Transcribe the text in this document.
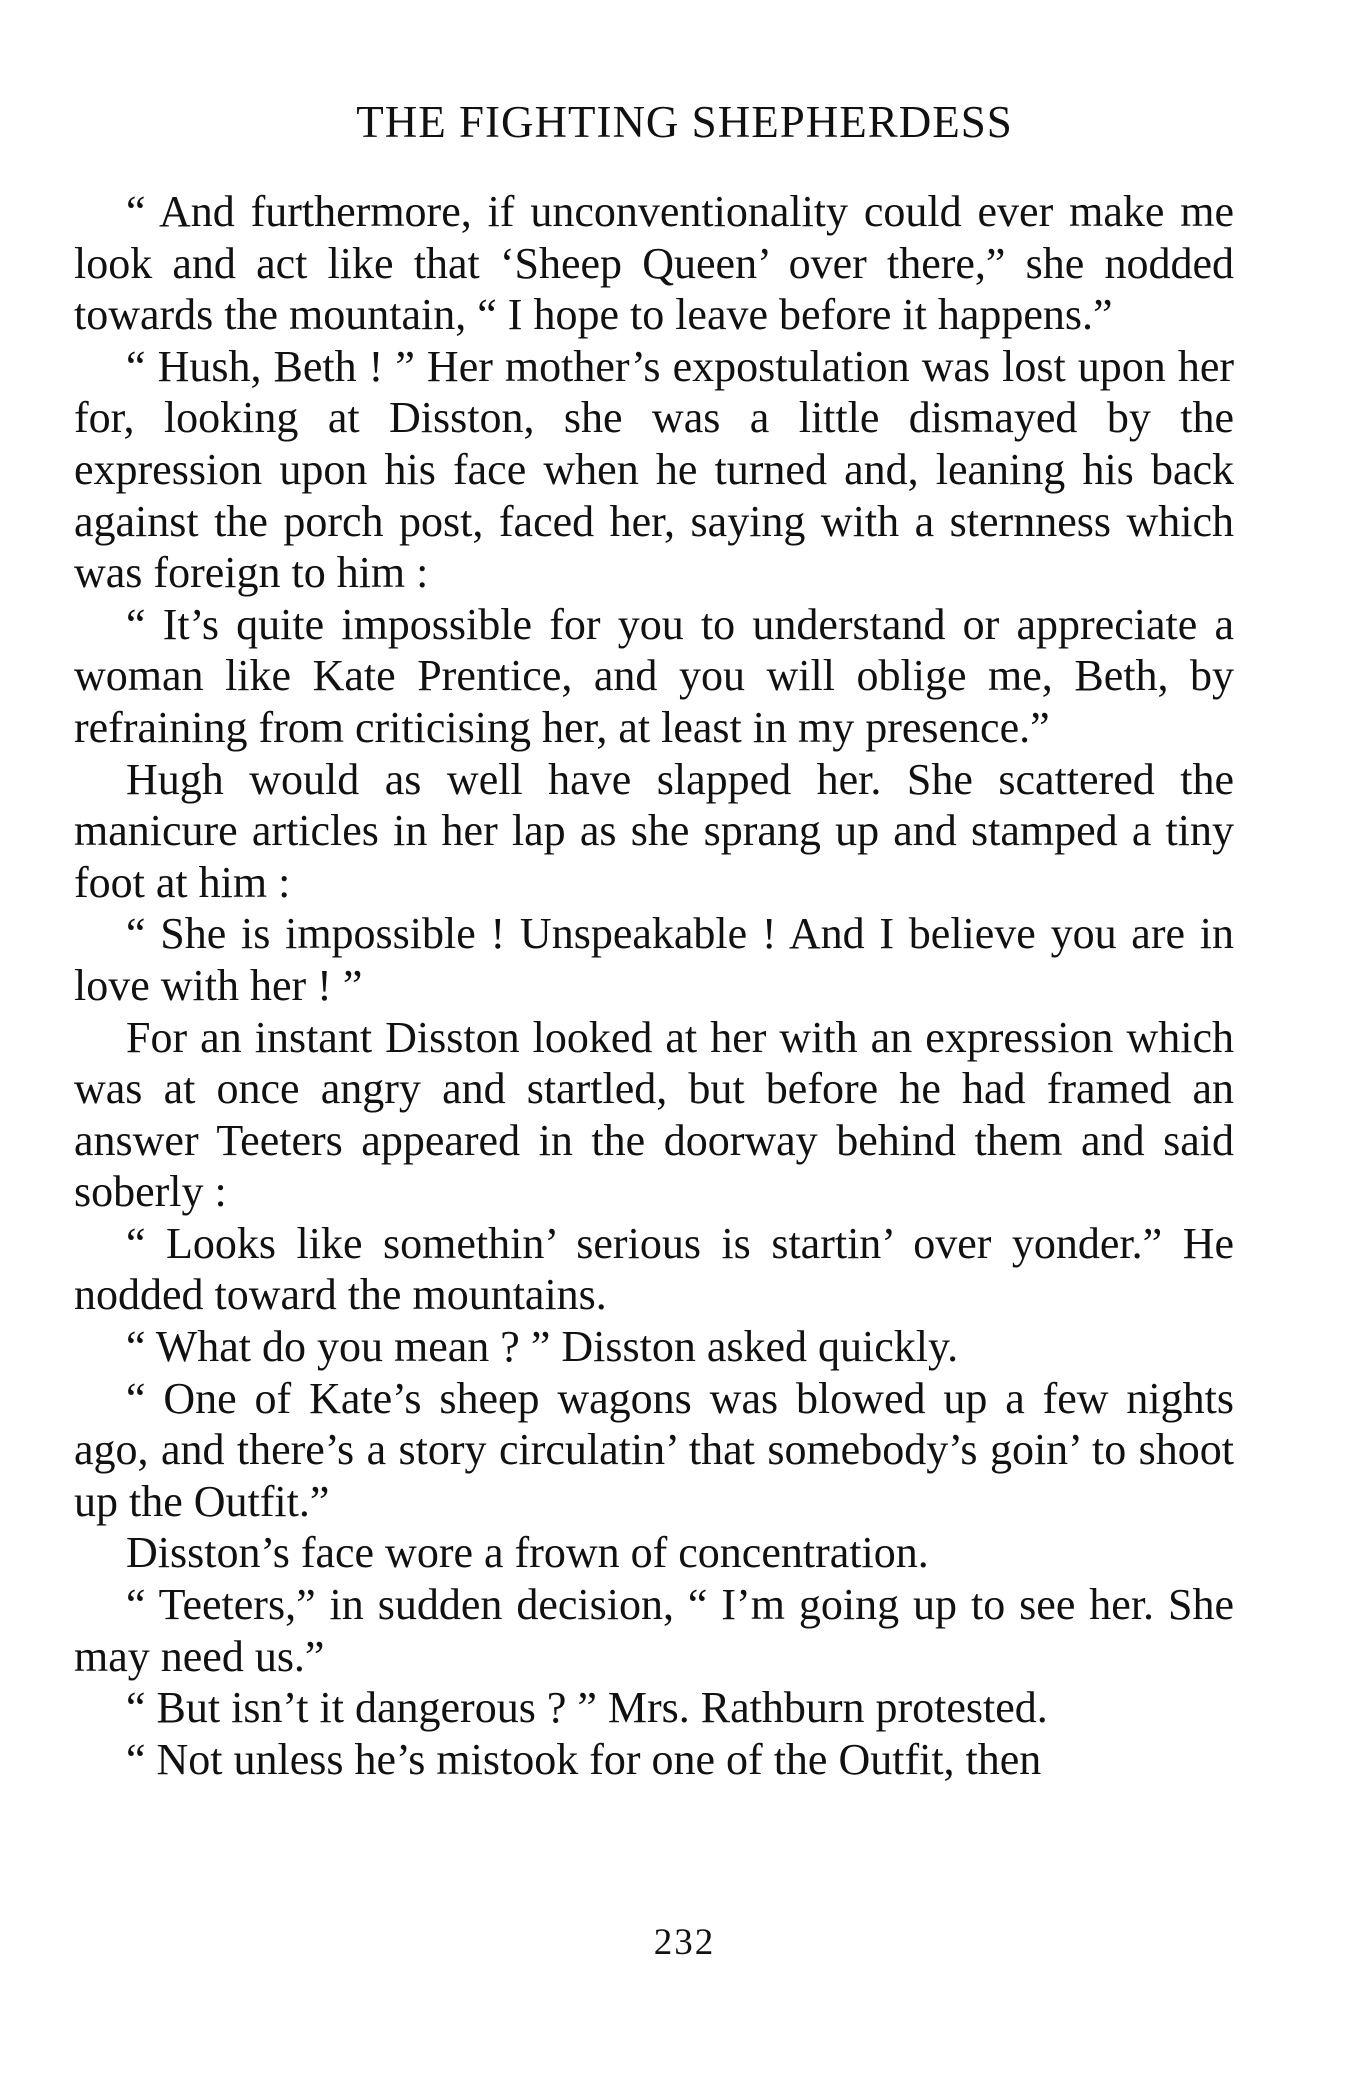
THE FIGHTING SHEPHERDESS

“ And furthermore, if unconventionality could ever make me look and act like that ‘Sheep Queen’ over there,” she nodded towards the mountain, “ I hope to leave before it happens.”

“ Hush, Beth ! ” Her mother’s expostulation was lost upon her for, looking at Disston, she was a little dismayed by the expression upon his face when he turned and, leaning his back against the porch post, faced her, saying with a sternness which was foreign to him :

“ It’s quite impossible for you to understand or appreciate a woman like Kate Prentice, and you will oblige me, Beth, by refraining from criticising her, at least in my presence.”

Hugh would as well have slapped her. She scattered the manicure articles in her lap as she sprang up and stamped a tiny foot at him :

“ She is impossible ! Unspeakable ! And I believe you are in love with her ! ”

For an instant Disston looked at her with an expression which was at once angry and startled, but before he had framed an answer Teeters appeared in the doorway behind them and said soberly :

“ Looks like somethin’ serious is startin’ over yonder.” He nodded toward the mountains.

“ What do you mean ? ” Disston asked quickly.

“ One of Kate’s sheep wagons was blowed up a few nights ago, and there’s a story circulatin’ that somebody’s goin’ to shoot up the Outfit.”

Disston’s face wore a frown of concentration.

“ Teeters,” in sudden decision, “ I’m going up to see her. She may need us.”

“ But isn’t it dangerous ? ” Mrs. Rathburn protested.

“ Not unless he’s mistook for one of the Outfit, then

232
